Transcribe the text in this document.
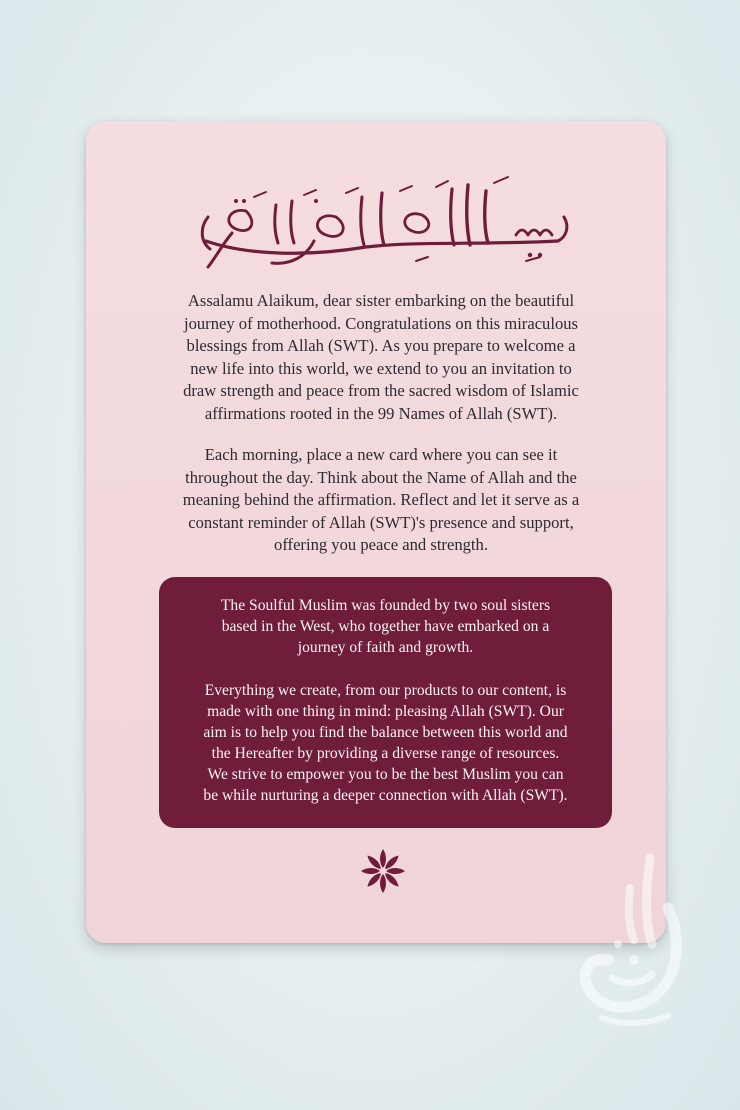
Assalamu Alaikum, dear sister embarking on the beautiful
journey of motherhood. Congratulations on this miraculous
blessings from Allah (SWT). As you prepare to welcome a
new life into this world, we extend to you an invitation to
draw strength and peace from the sacred wisdom of Islamic
affirmations rooted in the 99 Names of Allah (SWT).

Each morning, place a new card where you can see it
throughout the day. Think about the Name of Allah and the
meaning behind the affirmation. Reflect and let it serve as a
constant reminder of Allah (SWT)'s presence and support,
offering you peace and strength.

The Soulful Muslim was founded by two soul sisters
based in the West, who together have embarked on a
journey of faith and growth.

Everything we create, from our products to our content, is
made with one thing in mind: pleasing Allah (SWT). Our
aim is to help you find the balance between this world and
the Hereafter by providing a diverse range of resources.
We strive to empower you to be the best Muslim you can
be while nurturing a deeper connection with Allah (SWT).
